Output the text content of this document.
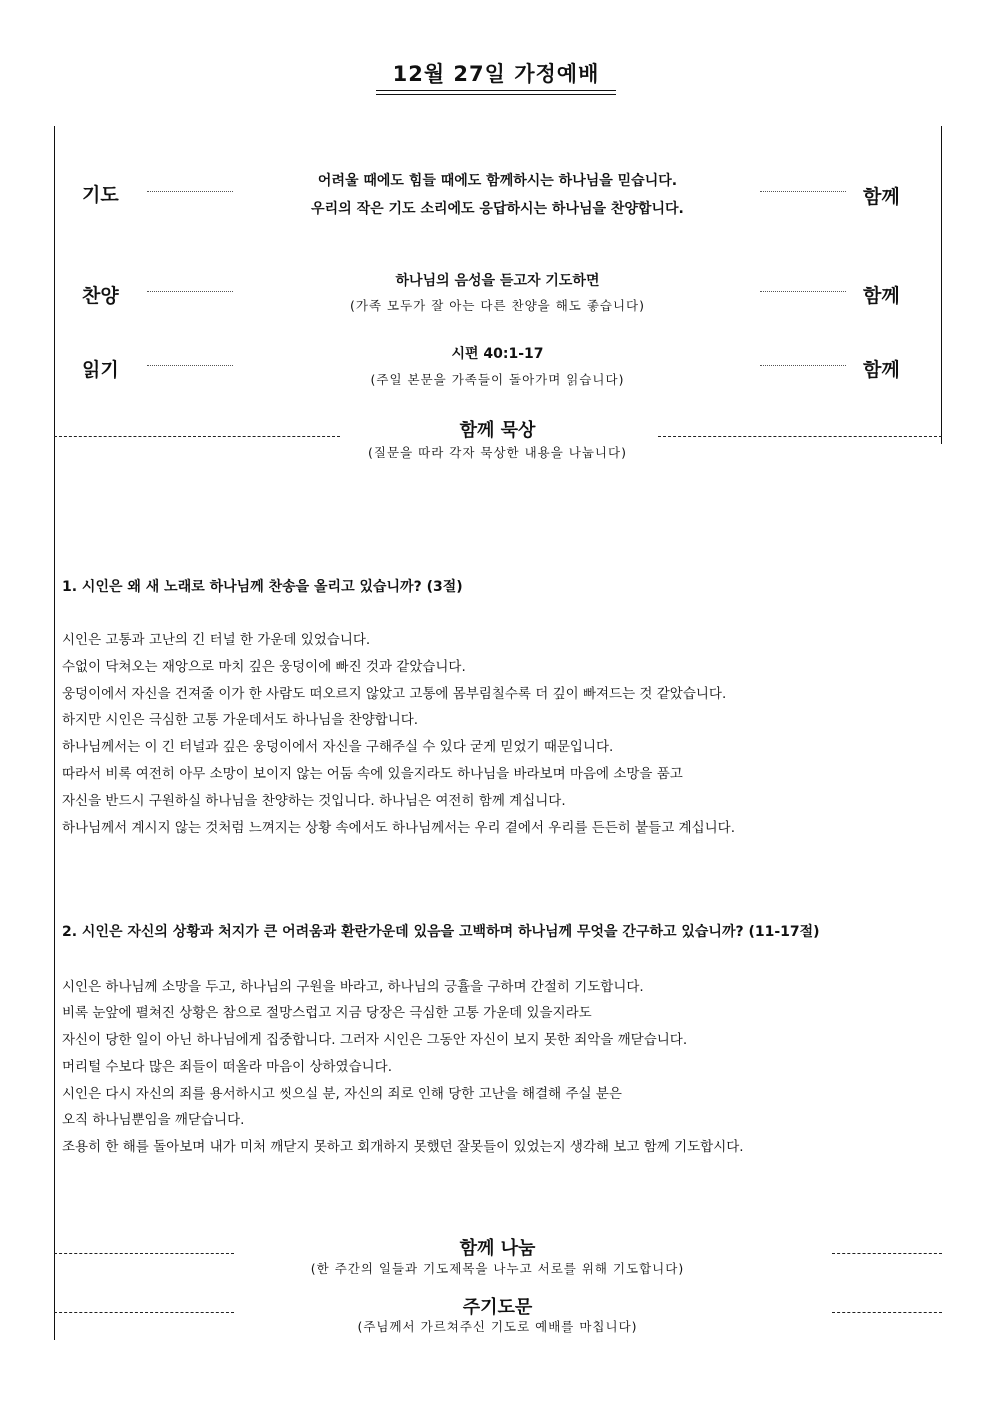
12월 27일 가정예배
기도
어려울 때에도 힘들 때에도 함께하시는 하나님을 믿습니다.
우리의 작은 기도 소리에도 응답하시는 하나님을 찬양합니다.
함께
찬양
하나님의 음성을 듣고자 기도하면
(가족 모두가 잘 아는 다른 찬양을 해도 좋습니다)	함께
읽기
시편 40:1-17
(주일 본문을 가족들이 돌아가며 읽습니다)	함께
함께 묵상
(질문을 따라 각자 묵상한 내용을 나눕니다)
1. 시인은 왜 새 노래로 하나님께 찬송을 올리고 있습니까? (3절)
시인은 고통과 고난의 긴 터널 한 가운데 있었습니다.
수없이 닥쳐오는 재앙으로 마치 깊은 웅덩이에 빠진 것과 같았습니다.
웅덩이에서 자신을 건져줄 이가 한 사람도 떠오르지 않았고 고통에 몸부림칠수록 더 깊이 빠져드는 것 같았습니다.
하지만 시인은 극심한 고통 가운데서도 하나님을 찬양합니다.
하나님께서는 이 긴 터널과 깊은 웅덩이에서 자신을 구해주실 수 있다 굳게 믿었기 때문입니다.
따라서 비록 여전히 아무 소망이 보이지 않는 어둠 속에 있을지라도 하나님을 바라보며 마음에 소망을 품고
자신을 반드시 구원하실 하나님을 찬양하는 것입니다. 하나님은 여전히 함께 계십니다.
하나님께서 계시지 않는 것처럼 느껴지는 상황 속에서도 하나님께서는 우리 곁에서 우리를 든든히 붙들고 계십니다.
2. 시인은 자신의 상황과 처지가 큰 어려움과 환란가운데 있음을 고백하며 하나님께 무엇을 간구하고 있습니까? (11-17절)
시인은 하나님께 소망을 두고, 하나님의 구원을 바라고, 하나님의 긍휼을 구하며 간절히 기도합니다.
비록 눈앞에 펼쳐진 상황은 참으로 절망스럽고 지금 당장은 극심한 고통 가운데 있을지라도
자신이 당한 일이 아닌 하나님에게 집중합니다. 그러자 시인은 그동안 자신이 보지 못한 죄악을 깨닫습니다.
머리털 수보다 많은 죄들이 떠올라 마음이 상하였습니다.
시인은 다시 자신의 죄를 용서하시고 씻으실 분, 자신의 죄로 인해 당한 고난을 해결해 주실 분은
오직 하나님뿐임을 깨닫습니다.
조용히 한 해를 돌아보며 내가 미처 깨닫지 못하고 회개하지 못했던 잘못들이 있었는지 생각해 보고 함께 기도합시다.
함께 나눔
(한 주간의 일들과 기도제목을 나누고 서로를 위해 기도합니다)
주기도문
(주님께서 가르쳐주신 기도로 예배를 마칩니다)
